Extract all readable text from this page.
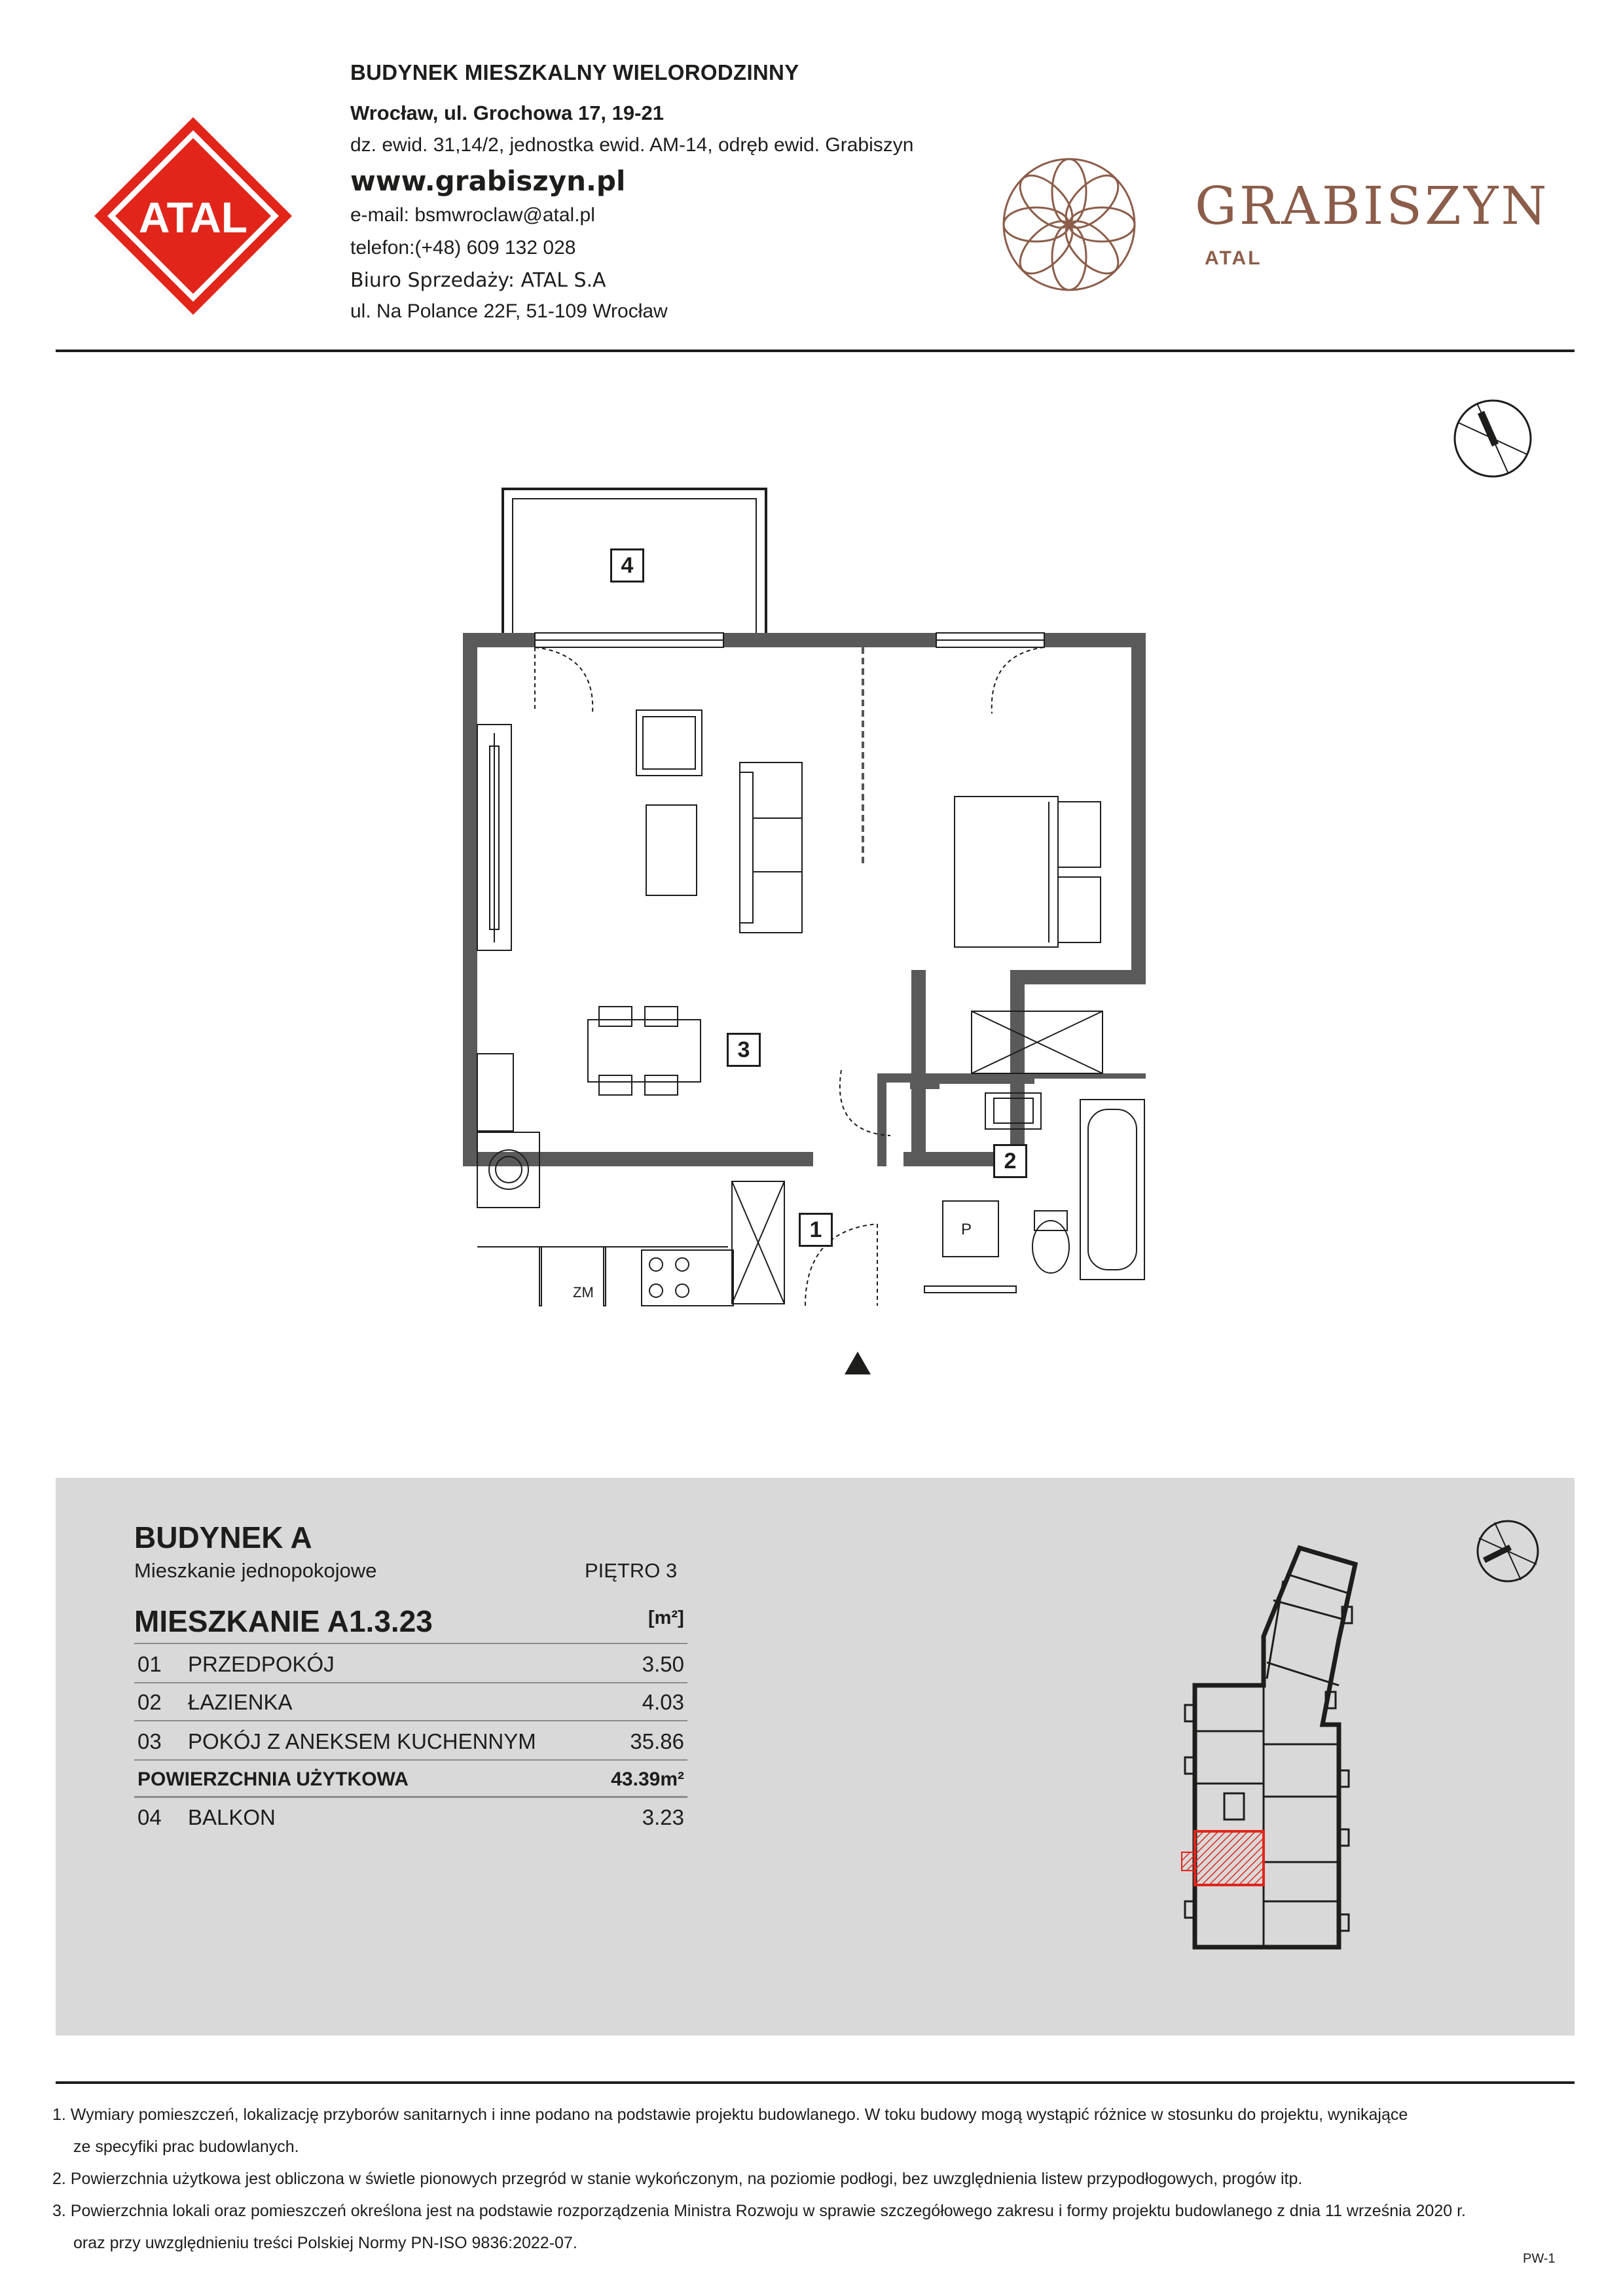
ATAL
BUDYNEK MIESZKALNY WIELORODZINNY
Wrocław, ul. Grochowa 17, 19-21
dz. ewid. 31,14/2, jednostka ewid. AM-14, odręb ewid. Grabiszyn
www.grabiszyn.pl
e-mail: bsmwroclaw@atal.pl
telefon:(+48) 609 132 028
Biuro Sprzedaży: ATAL S.A
ul. Na Polance 22F, 51-109 Wrocław
GRABISZYN
ATAL
ZM
P
4
3
2
1
BUDYNEK A
Mieszkanie jednopokojowe	PIĘTRO 3
MIESZKANIE A1.3.23	[m²]
01 PRZEDPOKÓJ	3.50
02 ŁAZIENKA	4.03
03 POKÓJ Z ANEKSEM KUCHENNYM	35.86
POWIERZCHNIA UŻYTKOWA	43.39m²
04 BALKON	3.23
1. Wymiary pomieszczeń, lokalizację przyborów sanitarnych i inne podano na podstawie projektu budowlanego. W toku budowy mogą wystąpić różnice w stosunku do projektu, wynikające
ze specyfiki prac budowlanych.
2. Powierzchnia użytkowa jest obliczona w świetle pionowych przegród w stanie wykończonym, na poziomie podłogi, bez uwzględnienia listew przypodłogowych, progów itp.
3. Powierzchnia lokali oraz pomieszczeń określona jest na podstawie rozporządzenia Ministra Rozwoju w sprawie szczegółowego zakresu i formy projektu budowlanego z dnia 11 września 2020 r.
oraz przy uwzględnieniu treści Polskiej Normy PN-ISO 9836:2022-07.
PW-1
